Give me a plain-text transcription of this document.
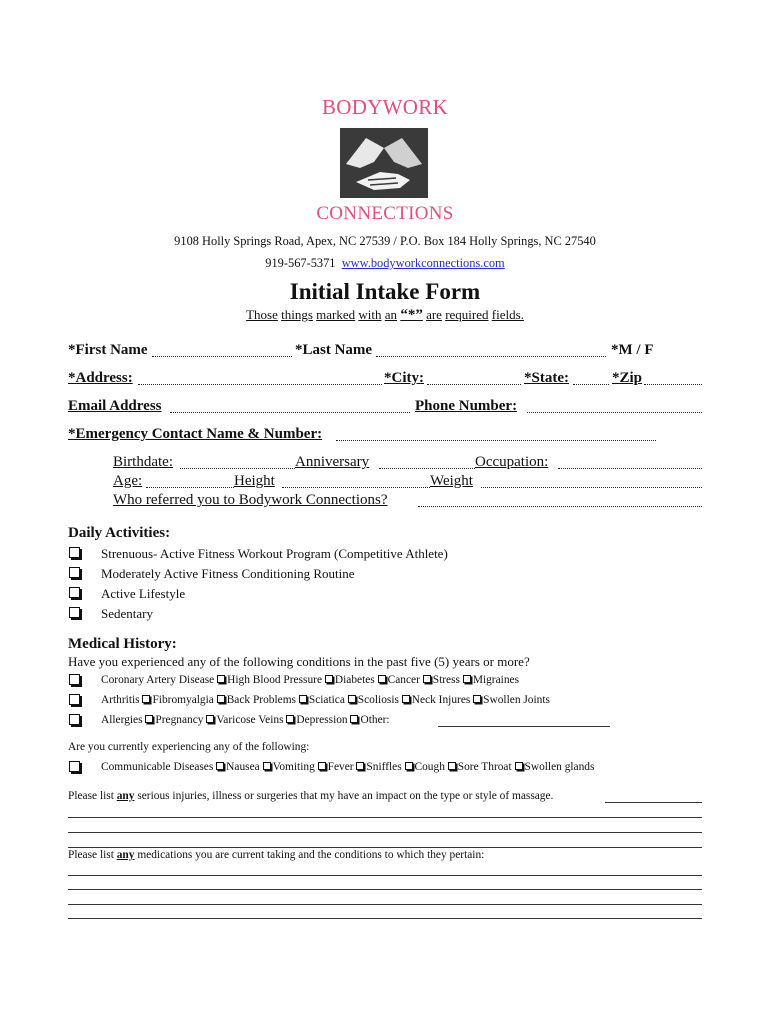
BODYWORK
CONNECTIONS
9108 Holly Springs Road, Apex, NC 27539 / P.O. Box 184 Holly Springs, NC 27540
919-567-5371 www.bodyworkconnections.com
Initial Intake Form
Those things marked with an “*” are required fields.
*First Name	*Last Name	*M / F
*Address:	*City:	*State:	*Zip
Email Address	Phone Number:
*Emergency Contact Name & Number:
Birthdate:	Anniversary	Occupation:
Age:	Height	Weight
Who referred you to Bodywork Connections?
Daily Activities:
Strenuous- Active Fitness Workout Program (Competitive Athlete)
Moderately Active Fitness Conditioning Routine
Active Lifestyle
Sedentary
Medical History:
Have you experienced any of the following conditions in the past five (5) years or more?
Coronary Artery Disease High Blood Pressure Diabetes Cancer Stress Migraines
Arthritis Fibromyalgia Back Problems Sciatica Scoliosis Neck Injures Swollen Joints
Allergies Pregnancy Varicose Veins Depression Other:
Are you currently experiencing any of the following:
Communicable Diseases Nausea Vomiting Fever Sniffles Cough Sore Throat Swollen glands
Please list any serious injuries, illness or surgeries that my have an impact on the type or style of massage.
Please list any medications you are current taking and the conditions to which they pertain:
